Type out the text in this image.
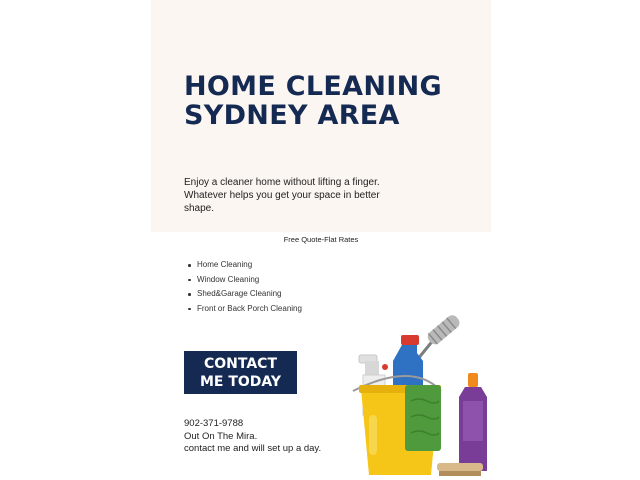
HOME CLEANING
SYDNEY AREA

Enjoy a cleaner home without lifting a finger. Whatever helps you get your space in better shape.

Free Quote-Flat Rates

Home Cleaning
Window Cleaning
Shed&Garage Cleaning
Front or Back Porch Cleaning
CONTACT
ME TODAY
902-371-9788
Out On The Mira.
contact me and will set up a day.
